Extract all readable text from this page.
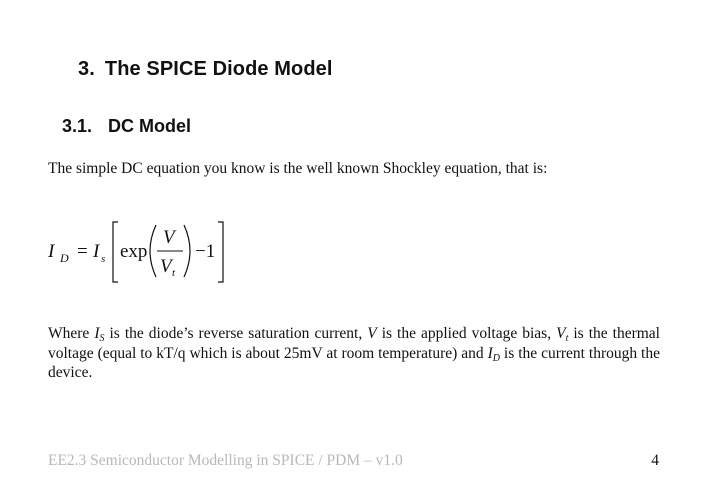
3. The SPICE Diode Model
3.1. DC Model

The simple DC equation you know is the well known Shockley equation, that is:

I D = I s exp
V
V t
−1

Where $I_S$ is the diode’s reverse saturation current, V is the applied voltage bias, $V_t$ is the thermal voltage (equal to kT/q which is about 25mV at room temperature) and $I_D$ is the current through the device.

EE2.3 Semiconductor Modelling in SPICE / PDM – v1.0	4
